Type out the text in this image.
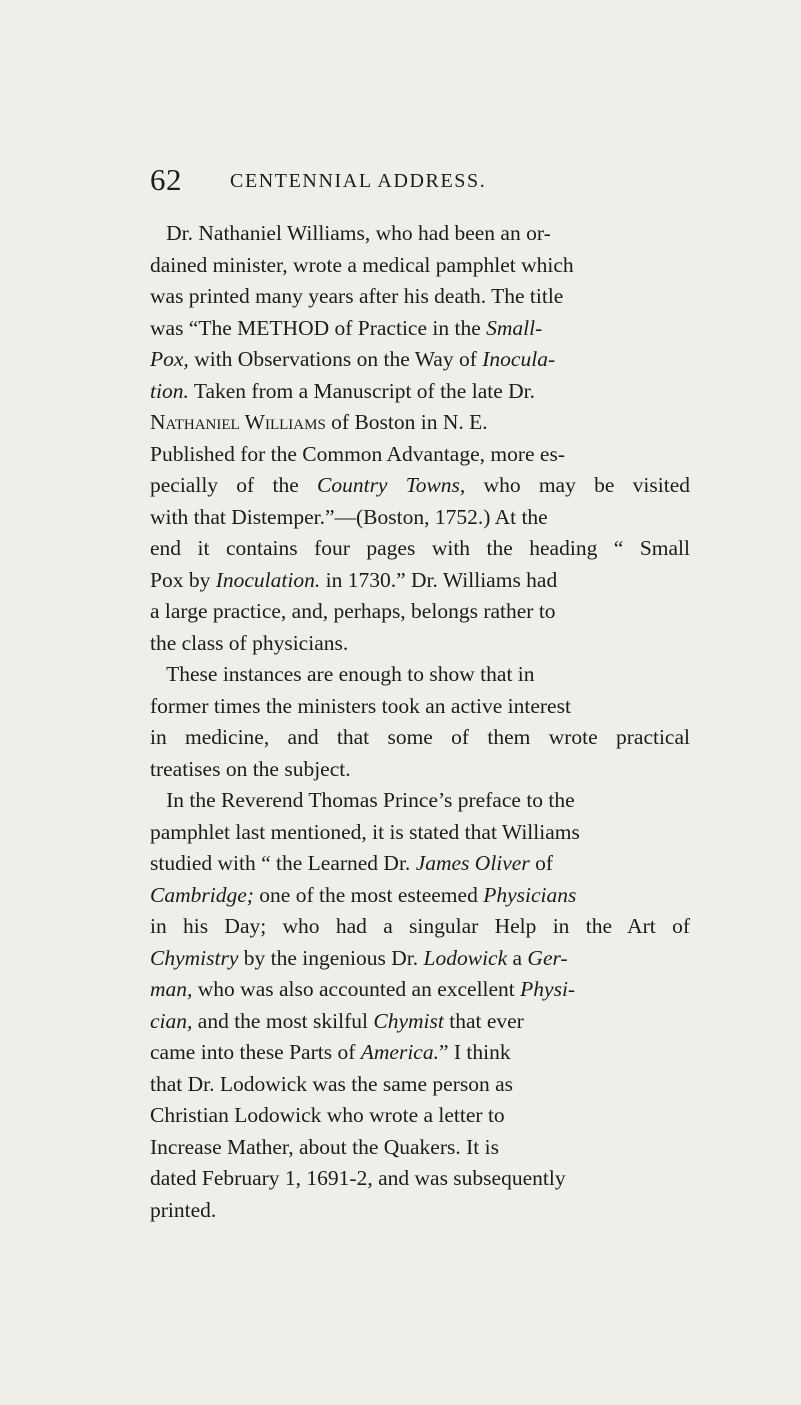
62 CENTENNIAL ADDRESS.
Dr. Nathaniel Williams, who had been an or-
dained minister, wrote a medical pamphlet which
was printed many years after his death. The title
was “The METHOD of Practice in the Small-
Pox, with Observations on the Way of Inocula-
tion. Taken from a Manuscript of the late Dr.
Nathaniel Williams of Boston in N. E.
Published for the Common Advantage, more es-
pecially of the Country Towns, who may be visited
with that Distemper.”—(Boston, 1752.) At the
end it contains four pages with the heading “ Small
Pox by Inoculation. in 1730.” Dr. Williams had
a large practice, and, perhaps, belongs rather to
the class of physicians.
These instances are enough to show that in
former times the ministers took an active interest
in medicine, and that some of them wrote practical
treatises on the subject.
In the Reverend Thomas Prince’s preface to the
pamphlet last mentioned, it is stated that Williams
studied with “ the Learned Dr. James Oliver of
Cambridge; one of the most esteemed Physicians
in his Day; who had a singular Help in the Art of
Chymistry by the ingenious Dr. Lodowick a Ger-
man, who was also accounted an excellent Physi-
cian, and the most skilful Chymist that ever
came into these Parts of America.” I think
that Dr. Lodowick was the same person as
Christian Lodowick who wrote a letter to
Increase Mather, about the Quakers. It is
dated February 1, 1691-2, and was subsequently
printed.
